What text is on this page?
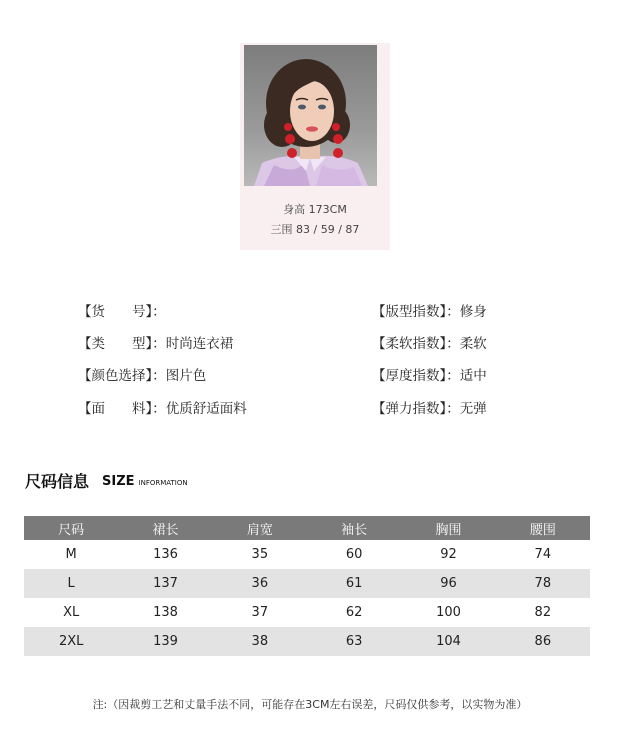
身高 173CM
三围 83 / 59 / 87
【货　　号】：
【类　　型】：时尚连衣裙
【颜色选择】：图片色
【面　　料】：优质舒适面料
【版型指数】：修身
【柔软指数】：柔软
【厚度指数】：适中
【弹力指数】：无弹
尺码信息 SIZE INFORMATION
尺码	裙长	肩宽	袖长	胸围	腰围
M	136	35	60	92	74
L	137	36	61	96	78
XL	138	37	62	100	82
2XL	139	38	63	104	86
注:（因裁剪工艺和丈量手法不同，可能存在3CM左右误差，尺码仅供参考，以实物为准）
